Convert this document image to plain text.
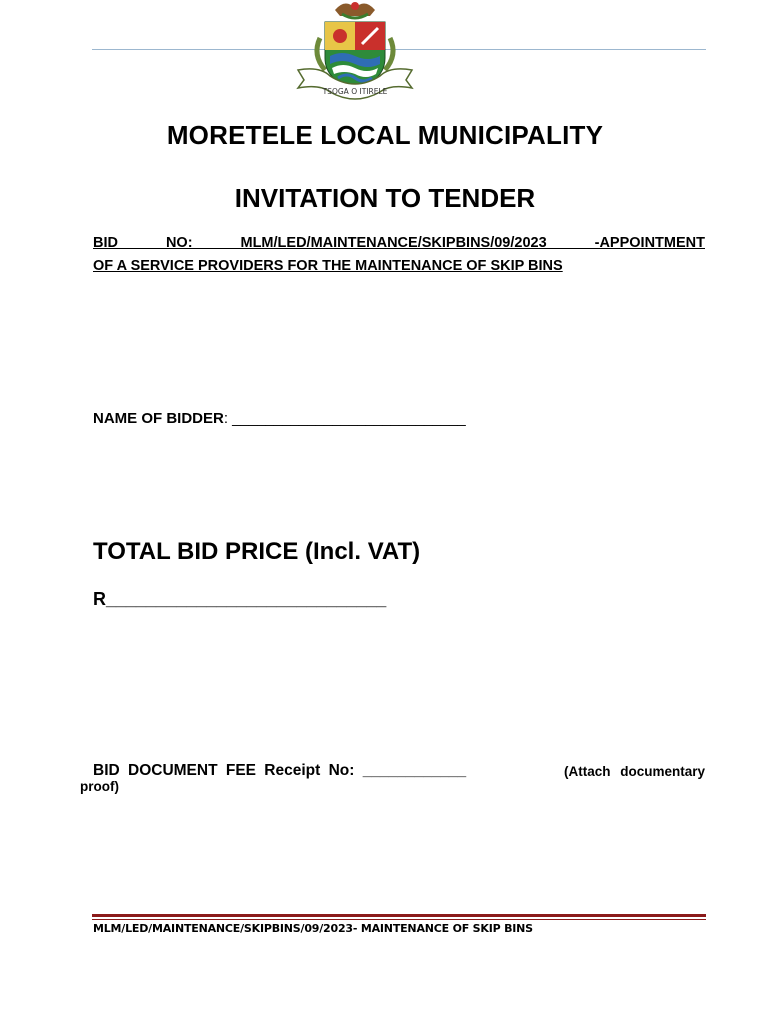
TSOGA O ITIRELE
MORETELE LOCAL MUNICIPALITY
INVITATION TO TENDER
BID NO: MLM/LED/MAINTENANCE/SKIPBINS/09/2023 -APPOINTMENT
OF A SERVICE PROVIDERS FOR THE MAINTENANCE OF SKIP BINS
NAME OF BIDDER: ____________________________
TOTAL BID PRICE (Incl. VAT)
R____________________________
BID DOCUMENT FEE Receipt No: ____________	(Attach documentary
proof)
MLM/LED/MAINTENANCE/SKIPBINS/09/2023- MAINTENANCE OF SKIP BINS
